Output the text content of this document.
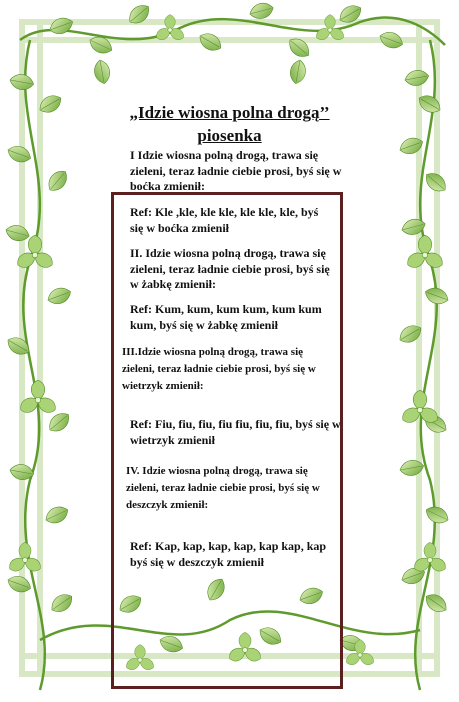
„Idzie wiosna polna drogą’’
piosenka

I Idzie wiosna polną drogą, trawa się zieleni, teraz ładnie ciebie prosi, byś się w boćka zmienił:

Ref: Kle ,kle, kle kle, kle kle, kle, byś się w boćka zmienił

II. Idzie wiosna polną drogą, trawa się zieleni, teraz ładnie ciebie prosi, byś się w żabkę zmienił:

Ref: Kum, kum, kum kum, kum kum kum, byś się w żabkę zmienił

III.Idzie wiosna polną drogą, trawa się zieleni, teraz ładnie ciebie prosi, byś się w wietrzyk zmienił:

Ref: Fiu, fiu, fiu, fiu fiu, fiu, fiu, byś się w wietrzyk zmienił

IV. Idzie wiosna polną drogą, trawa się zieleni, teraz ładnie ciebie prosi, byś się w deszczyk zmienił:

Ref: Kap, kap, kap, kap, kap kap, kap byś się w deszczyk zmienił
